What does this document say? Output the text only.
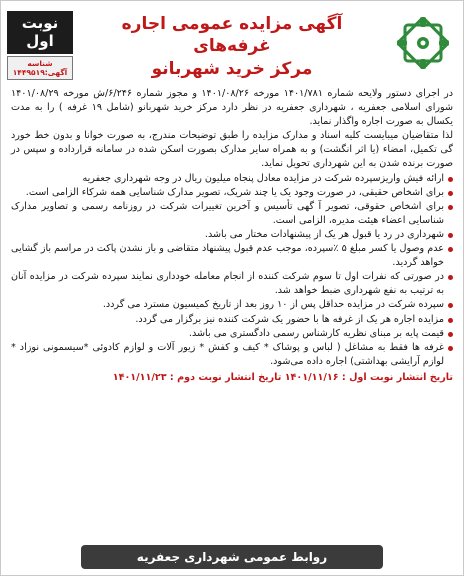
نوبت اول
شناسه آگهی:۱۴۴۹۵۱۹
آگهی مزایده عمومی اجاره غرفه‌های
مرکز خرید شهربانو

در اجرای دستور ولایحه شماره ۱۴۰۱/۷۸۱ مورخه ۱۴۰۱/۰۸/۲۶ و مجوز شماره ۶/۲۴۶/ش مورخه ۱۴۰۱/۰۸/۲۹ شورای اسلامی جعفریه ، شهرداری جعفریه در نظر دارد مرکز خرید شهربانو (شامل ۱۹ غرفه ) را به مدت یکسال به صورت اجاره واگذار نماید.

لذا متقاضیان میبایست کلیه اسناد و مدارک مزایده را طبق توضیحات مندرج، به صورت خوانا و بدون خط خورد گی تکمیل، امضاء (یا اثر انگشت) و به همراه سایر مدارک بصورت اسکن شده در سامانه قرارداده و سپس در صورت برنده شدن به این شهرداری تحویل نماید.

ارائه فیش واریزسپرده شرکت در مزایده معادل پنجاه میلیون ریال در وجه شهرداری جعفریه
برای اشخاص حقیقی، در صورت وجود یک یا چند شریک، تصویر مدارک شناسایی همه شرکاء الزامی است.
برای اشخاص حقوقی، تصویر آ گهی تأسیس و آخرین تغییرات شرکت در روزنامه رسمی و تصاویر مدارک شناسایی اعضاء هیئت مدیره، الزامی است.
شهرداری در رد یا قبول هر یک از پیشنهادات مختار می باشد.
عدم وصول یا کسر مبلغ ۵ ٪سپرده، موجب عدم قبول پیشنهاد متقاضی و باز نشدن پاکت در مراسم باز گشایی خواهد گردید.
در صورتی که نفرات اول تا سوم شرکت کننده از انجام معامله خودداری نمایند سپرده شرکت در مزایده آنان به ترتیب به نفع شهرداری ضبط خواهد شد.
سپرده شرکت در مزایده حداقل پس از ۱۰ روز بعد از تاریخ کمیسیون مسترد می گردد.
مزایده اجاره هر یک از غرفه ها با حضور یک شرکت کننده نیز برگزار می گردد.
قیمت پایه بر مبنای نظریه کارشناس رسمی دادگستری می باشد.
غرفه ها فقط به مشاغل ( لباس و پوشاک * کیف و کفش * زیور آلات و لوازم کادوئی *سیسمونی نوزاد * لوازم آرایشی بهداشتی) اجاره داده می‌شود.
تاریخ انتشار نوبت اول : ۱۴۰۱/۱۱/۱۶ تاریخ انتشار نوبت دوم : ۱۴۰۱/۱۱/۲۳
روابط عمومی شهرداری جعفریه
